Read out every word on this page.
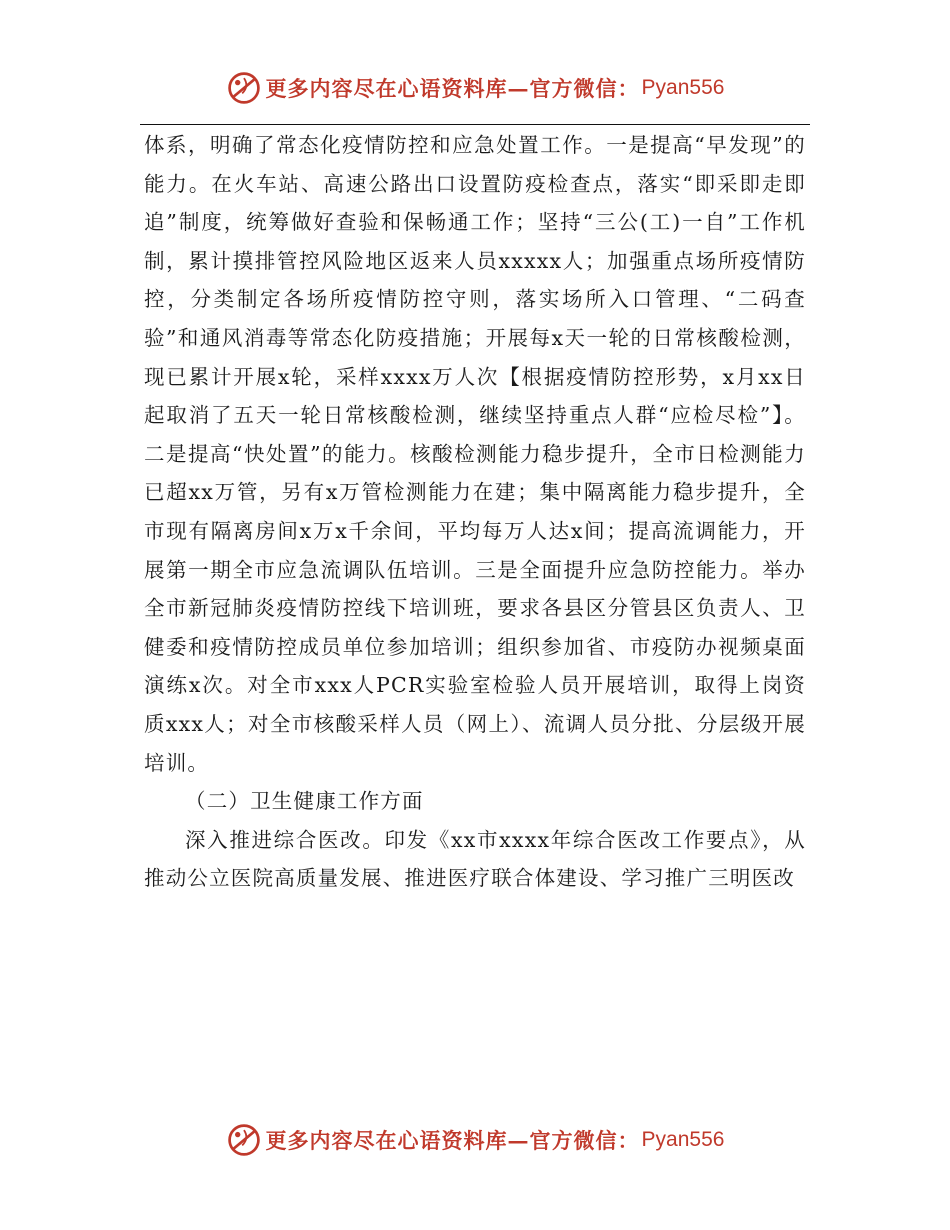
更多内容尽在心语资料库—官方微信： Pyan556

体系，明确了常态化疫情防控和应急处置工作。一是提高“早发现”的能力。在火车站、高速公路出口设置防疫检查点，落实“即采即走即追”制度，统筹做好查验和保畅通工作；坚持“三公(工)一自”工作机制，累计摸排管控风险地区返来人员xxxxx人；加强重点场所疫情防控，分类制定各场所疫情防控守则，落实场所入口管理、“二码查验”和通风消毒等常态化防疫措施；开展每x天一轮的日常核酸检测，现已累计开展x轮，采样xxxx万人次【根据疫情防控形势，x月xx日起取消了五天一轮日常核酸检测，继续坚持重点人群“应检尽检”】。二是提高“快处置”的能力。核酸检测能力稳步提升，全市日检测能力已超xx万管，另有x万管检测能力在建；集中隔离能力稳步提升，全市现有隔离房间x万x千余间，平均每万人达x间；提高流调能力，开展第一期全市应急流调队伍培训。三是全面提升应急防控能力。举办全市新冠肺炎疫情防控线下培训班，要求各县区分管县区负责人、卫健委和疫情防控成员单位参加培训；组织参加省、市疫防办视频桌面演练x次。对全市xxx人PCR实验室检验人员开展培训，取得上岗资质xxx人；对全市核酸采样人员（网上）、流调人员分批、分层级开展培训。

（二）卫生健康工作方面

深入推进综合医改。印发《xx市xxxx年综合医改工作要点》，从推动公立医院高质量发展、推进医疗联合体建设、学习推广三明医改

更多内容尽在心语资料库—官方微信： Pyan556
